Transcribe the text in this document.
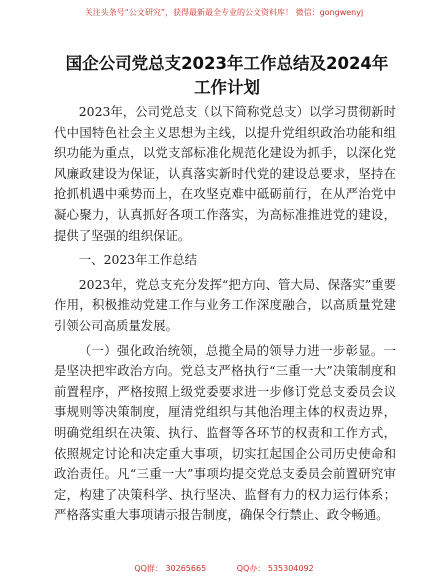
关注头条号“公文研究”，获得最新最全专业的公文资料库！ 微信：gongwenyj
国企公司党总支2023年工作总结及2024年工作计划

2023年，公司党总支（以下简称党总支）以学习贯彻新时代中国特色社会主义思想为主线，以提升党组织政治功能和组织功能为重点，以党支部标准化规范化建设为抓手，以深化党风廉政建设为保证，认真落实新时代党的建设总要求，坚持在抢抓机遇中乘势而上，在攻坚克难中砥砺前行，在从严治党中凝心聚力，认真抓好各项工作落实，为高标准推进党的建设，提供了坚强的组织保证。

一、2023年工作总结

2023年，党总支充分发挥“把方向、管大局、保落实”重要作用，积极推动党建工作与业务工作深度融合，以高质量党建引领公司高质量发展。

（一）强化政治统领，总揽全局的领导力进一步彰显。一是坚决把牢政治方向。党总支严格执行“三重一大”决策制度和前置程序，严格按照上级党委要求进一步修订党总支委员会议事规则等决策制度，厘清党组织与其他治理主体的权责边界，明确党组织在决策、执行、监督等各环节的权责和工作方式，依照规定讨论和决定重大事项，切实扛起国企公司历史使命和政治责任。凡“三重一大”事项均提交党总支委员会前置研究审定，构建了决策科学、执行坚决、监督有力的权力运行体系；严格落实重大事项请示报告制度，确保令行禁止、政令畅通。

QQ群： 30265665	QQ办： 535304092
